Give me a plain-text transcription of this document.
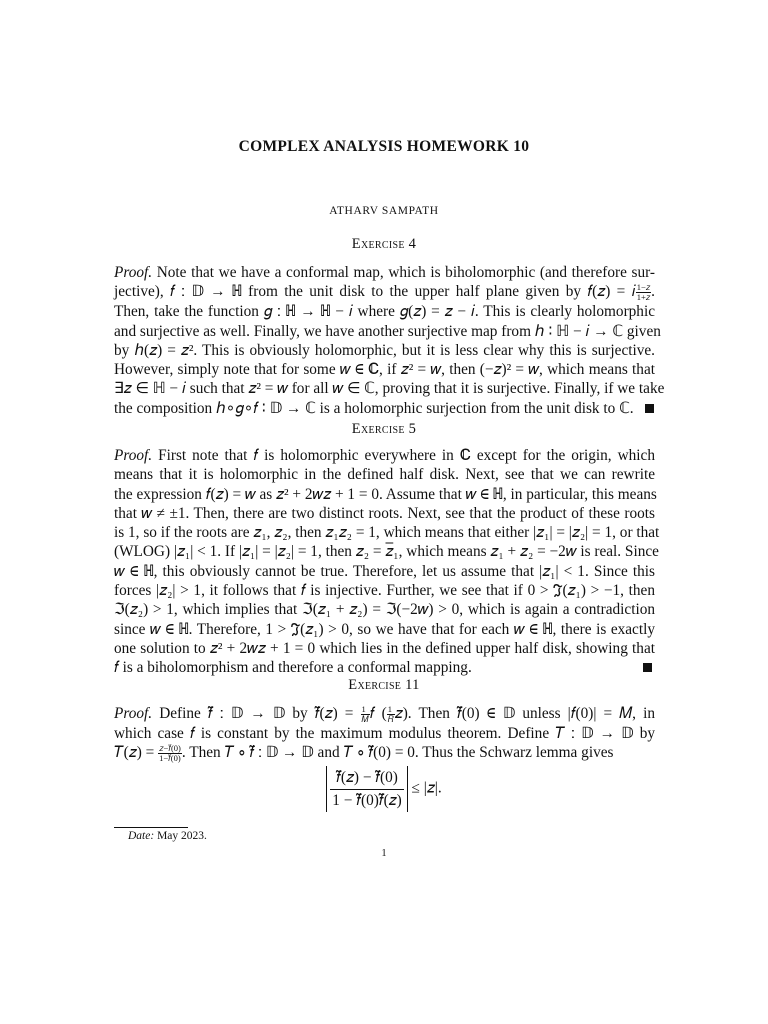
COMPLEX ANALYSIS HOMEWORK 10
ATHARV SAMPATH
Exercise 4
Proof. Note that we have a conformal map, which is biholomorphic (and therefore sur-
jective), 𝑓 ∶ 𝔻 → ℍ from the unit disk to the upper half plane given by 𝑓(𝑧) = 𝑖 $\frac{\text{1−𝑧}}{\text{1+𝑧}}$ .
Then, take the function 𝑔 ∶ ℍ → ℍ − 𝑖 where 𝑔(𝑧) = 𝑧 − 𝑖. This is clearly holomorphic
and surjective as well. Finally, we have another surjective map from ℎ ∶ ℍ − 𝑖 → ℂ given
by ℎ(𝑧) = 𝑧². This is obviously holomorphic, but it is less clear why this is surjective.
However, simply note that for some 𝑤 ∈ ℂ, if 𝑧² = 𝑤, then (−𝑧)² = 𝑤, which means that
∃𝑧 ∈ ℍ − 𝑖 such that 𝑧² = 𝑤 for all 𝑤 ∈ ℂ, proving that it is surjective. Finally, if we take
the composition ℎ∘𝑔∘𝑓 ∶ 𝔻 → ℂ is a holomorphic surjection from the unit disk to ℂ.
Exercise 5
Proof. First note that 𝑓 is holomorphic everywhere in ℂ except for the origin, which
means that it is holomorphic in the defined half disk. Next, see that we can rewrite
the expression 𝑓(𝑧) = 𝑤 as 𝑧² + 2𝑤𝑧 + 1 = 0. Assume that 𝑤 ∈ ℍ, in particular, this means
that 𝑤 ≠ ±1. Then, there are two distinct roots. Next, see that the product of these roots
is 1, so if the roots are 𝑧₁, 𝑧₂, then 𝑧₁𝑧₂ = 1, which means that either |𝑧₁| = |𝑧₂| = 1, or that
(WLOG) |𝑧₁| < 1. If |𝑧₁| = |𝑧₂| = 1, then 𝑧₂ = 𝑧̅₁, which means 𝑧₁ + 𝑧₂ = −2𝑤 is real. Since
𝑤 ∈ ℍ, this obviously cannot be true. Therefore, let us assume that |𝑧₁| < 1. Since this
forces |𝑧₂| > 1, it follows that 𝑓 is injective. Further, we see that if 0 > ℑ(𝑧₁) > −1, then
ℑ(𝑧₂) > 1, which implies that ℑ(𝑧₁ + 𝑧₂) = ℑ(−2𝑤) > 0, which is again a contradiction
since 𝑤 ∈ ℍ. Therefore, 1 > ℑ(𝑧₁) > 0, so we have that for each 𝑤 ∈ ℍ, there is exactly
one solution to 𝑧² + 2𝑤𝑧 + 1 = 0 which lies in the defined upper half disk, showing that
𝑓 is a biholomorphism and therefore a conformal mapping.
Exercise 11
Proof. Define 𝑓̃ ∶ 𝔻 → 𝔻 by 𝑓̃(𝑧) = $\frac{1}{\text{𝑀}}$ 𝑓 ( $\frac{1}{\text{𝑅}}$ 𝑧). Then 𝑓̃(0) ∈ 𝔻 unless |𝑓(0)| = 𝑀, in
which case 𝑓 is constant by the maximum modulus theorem. Define 𝑇 ∶ 𝔻 → 𝔻 by
𝑇(𝑧) = $\frac{\text{𝑧−𝑓̃(0)}}{\text{1−𝑓̃(0)}}$ . Then 𝑇 ∘ 𝑓̃ ∶ 𝔻 → 𝔻 and 𝑇 ∘ 𝑓̃(0) = 0. Thus the Schwarz lemma gives
$\frac{\text{𝑓̃(𝑧) − 𝑓̃(0)}}{\text{1 − 𝑓̃(0)𝑓̃(𝑧)}}$ ≤ |𝑧|.
Date: May 2023.
1
